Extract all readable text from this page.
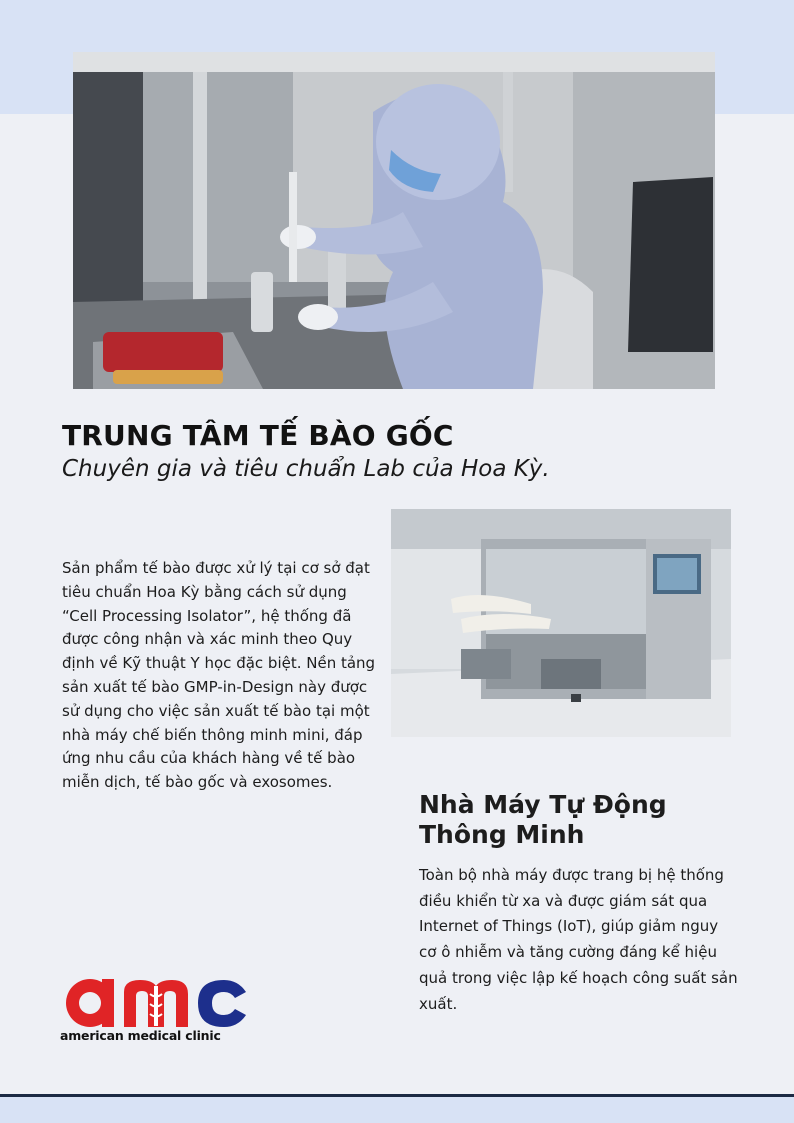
TRUNG TÂM TẾ BÀO GỐC
Chuyên gia và tiêu chuẩn Lab của Hoa Kỳ.

Sản phẩm tế bào được xử lý tại cơ sở đạt tiêu chuẩn Hoa Kỳ bằng cách sử dụng “Cell Processing Isolator”, hệ thống đã được công nhận và xác minh theo Quy định về Kỹ thuật Y học đặc biệt. Nền tảng sản xuất tế bào GMP-in-Design này được sử dụng cho việc sản xuất tế bào tại một nhà máy chế biến thông minh mini, đáp ứng nhu cầu của khách hàng về tế bào miễn dịch, tế bào gốc và exosomes.

Nhà Máy Tự Động Thông Minh

Toàn bộ nhà máy được trang bị hệ thống điều khiển từ xa và được giám sát qua Internet of Things (IoT), giúp giảm nguy cơ ô nhiễm và tăng cường đáng kể hiệu quả trong việc lập kế hoạch công suất sản xuất.

american medical clinic
